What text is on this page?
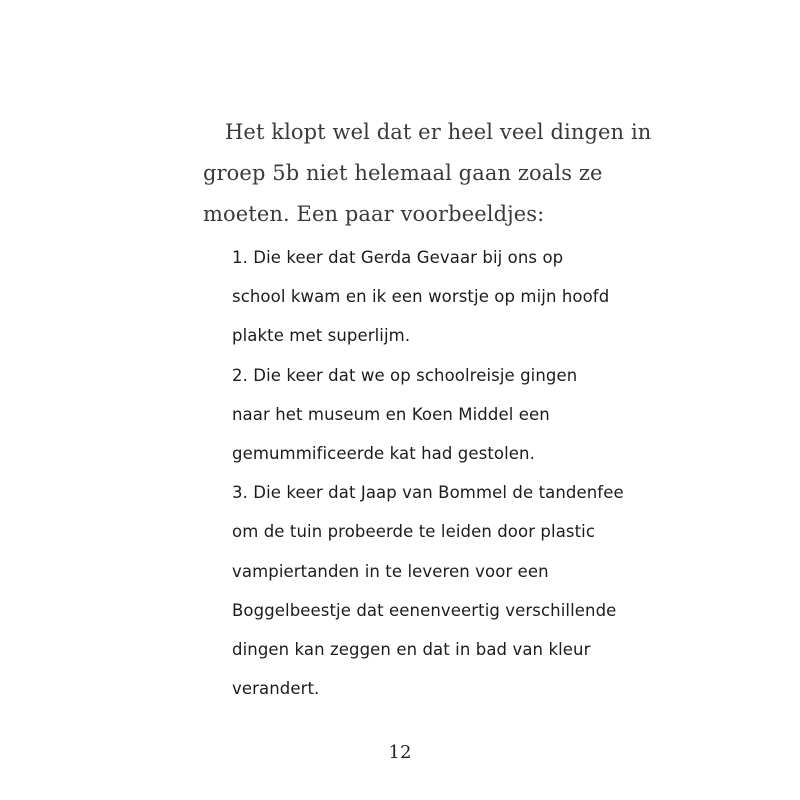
Het klopt wel dat er heel veel dingen in
groep 5b niet helemaal gaan zoals ze
moeten. Een paar voorbeeldjes:
1. Die keer dat Gerda Gevaar bij ons op
school kwam en ik een worstje op mijn hoofd
plakte met superlijm.
2. Die keer dat we op schoolreisje gingen
naar het museum en Koen Middel een
gemummificeerde kat had gestolen.
3. Die keer dat Jaap van Bommel de tandenfee
om de tuin probeerde te leiden door plastic
vampiertanden in te leveren voor een
Boggelbeestje dat eenenveertig verschillende
dingen kan zeggen en dat in bad van kleur
verandert.
12
